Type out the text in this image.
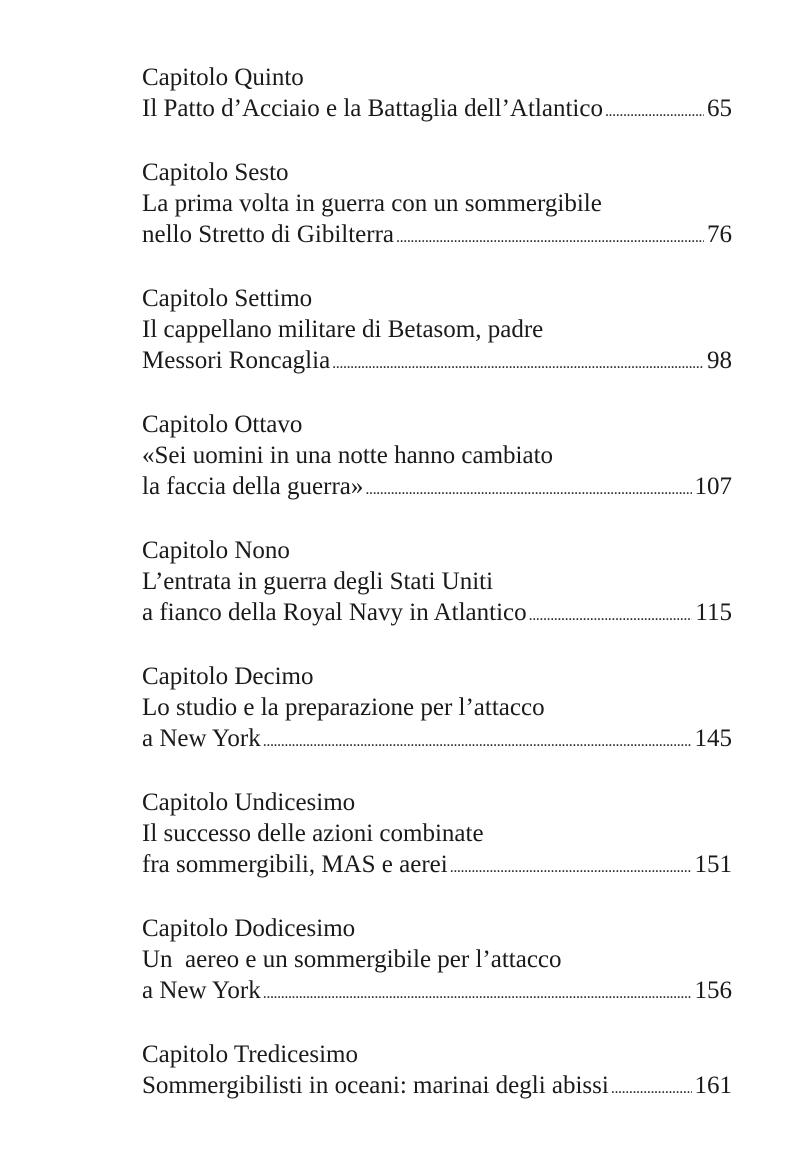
Capitolo Quinto
Il Patto d’Acciaio e la Battaglia dell’Atlantico . . .	65
Capitolo Sesto
La prima volta in guerra con un sommergibile
nello Stretto di Gibilterra . . .	76
Capitolo Settimo
Il cappellano militare di Betasom, padre
Messori Roncaglia . . .	98
Capitolo Ottavo
«Sei uomini in una notte hanno cambiato
la faccia della guerra» . . .	107
Capitolo Nono
L’entrata in guerra degli Stati Uniti
a fianco della Royal Navy in Atlantico . . .	115
Capitolo Decimo
Lo studio e la preparazione per l’attacco
a New York . . .	145
Capitolo Undicesimo
Il successo delle azioni combinate
fra sommergibili, MAS e aerei . . .	151
Capitolo Dodicesimo
Un  aereo e un sommergibile per l’attacco
a New York . . .	156
Capitolo Tredicesimo
Sommergibilisti in oceani: marinai degli abissi . . .	161
